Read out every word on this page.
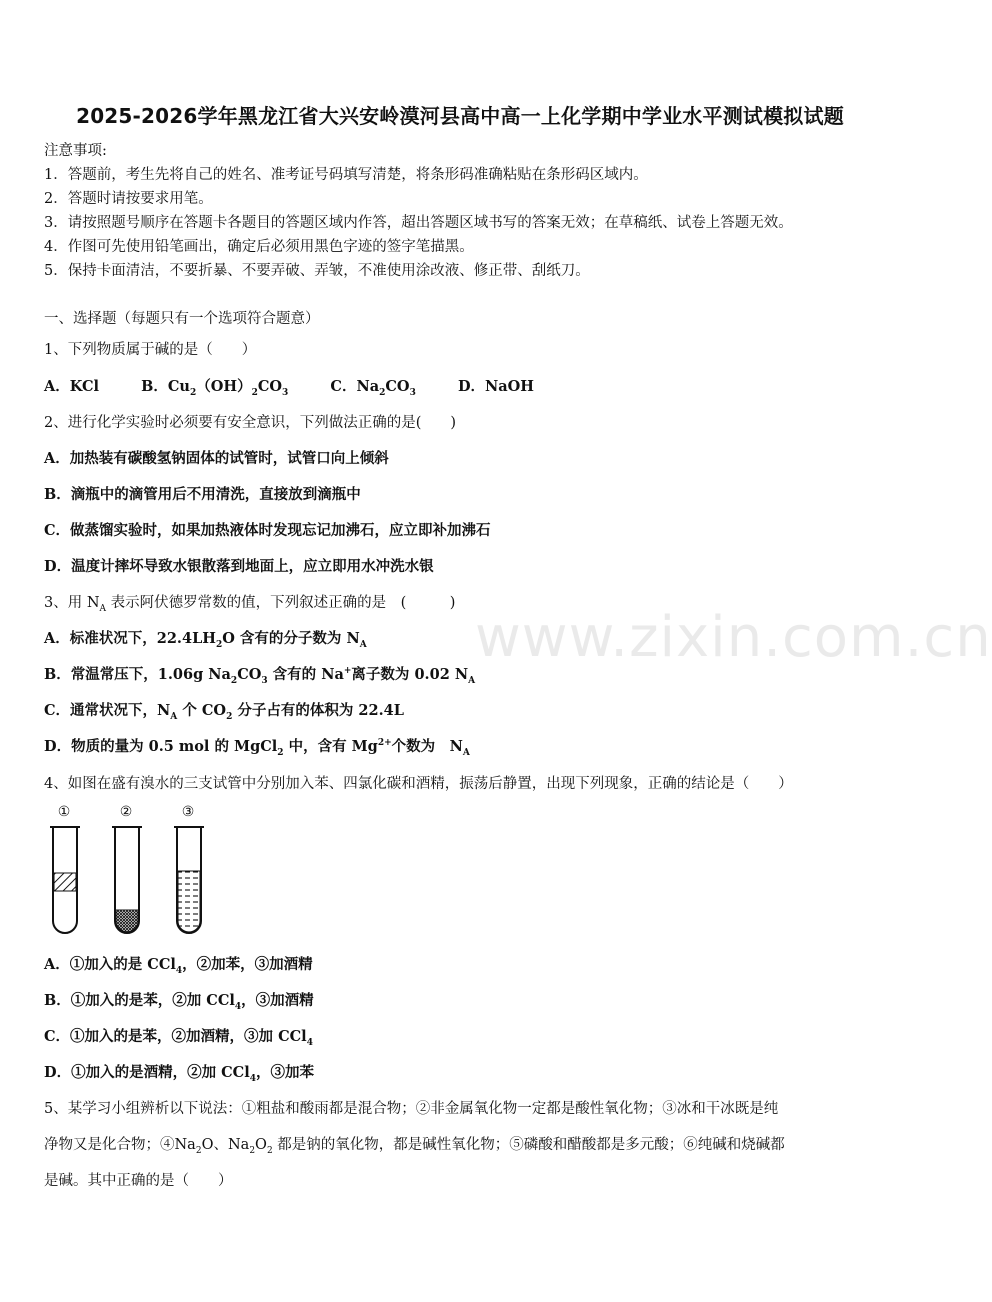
2025-2026学年黑龙江省大兴安岭漠河县高中高一上化学期中学业水平测试模拟试题
注意事项:
1．答题前，考生先将自己的姓名、准考证号码填写清楚，将条形码准确粘贴在条形码区域内。
2．答题时请按要求用笔。
3．请按照题号顺序在答题卡各题目的答题区域内作答，超出答题区域书写的答案无效；在草稿纸、试卷上答题无效。
4．作图可先使用铅笔画出，确定后必须用黑色字迹的签字笔描黑。
5．保持卡面清洁，不要折暴、不要弄破、弄皱，不准使用涂改液、修正带、刮纸刀。
一、选择题（每题只有一个选项符合题意）
1、下列物质属于碱的是（　　）
A．KCl	B．$Cu_2(OH)_2CO_3$	C．$Na_2CO_3$	D．NaOH
2、进行化学实验时必须要有安全意识，下列做法正确的是(　　)
A．加热装有碳酸氢钠固体的试管时，试管口向上倾斜
B．滴瓶中的滴管用后不用清洗，直接放到滴瓶中
C．做蒸馏实验时，如果加热液体时发现忘记加沸石，应立即补加沸石
D．温度计摔坏导致水银散落到地面上，应立即用水冲洗水银
3、用 $N_A$ 表示阿伏德罗常数的值，下列叙述正确的是　(　　　)
A．标准状况下，$22.4LH_2O$ 含有的分子数为 $N_A$
B．常温常压下，1.06g $Na_2CO_3$ 含有的 Na+离子数为 0.02 $N_A$
C．通常状况下，$N_A$ 个 $CO_2$ 分子占有的体积为 22.4L
D．物质的量为 0.5 mol 的 MgCl$_2$ 中，含有 $Mg^{2+}$个数为　$N_A$
4、如图在盛有溴水的三支试管中分别加入苯、四氯化碳和酒精，振荡后静置，出现下列现象，正确的结论是（　　）
①	②	③
A．①加入的是 CCl$_4$，②加苯，③加酒精
B．①加入的是苯，②加 CCl$_4$，③加酒精
C．①加入的是苯，②加酒精，③加 CCl$_4$
D．①加入的是酒精，②加 CCl$_4$，③加苯
5、某学习小组辨析以下说法：①粗盐和酸雨都是混合物；②非金属氧化物一定都是酸性氧化物；③冰和干冰既是纯
净物又是化合物；$④Na_2O$、$Na_2O_2$ 都是钠的氧化物，都是碱性氧化物；⑤磷酸和醋酸都是多元酸；⑥纯碱和烧碱都
是碱。其中正确的是（　　）
www.zixin.com.cn
